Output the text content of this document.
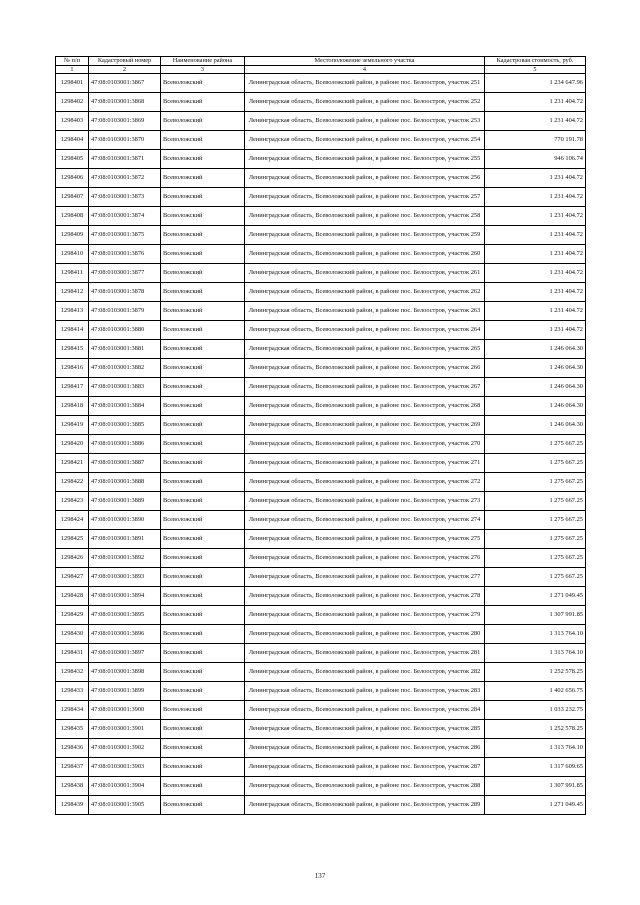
№ п/п	Кадастровый номер	Наименование района	Местоположение земельного участка	Кадастровая стоимость, руб.
1	2	3	4	5
1298401	47:08:0103001:3867	Всеволожский	Ленинградская область, Всеволожский район, в районе пос. Белоостров, участок 251	1 234 647.96
1298402	47:08:0103001:3868	Всеволожский	Ленинградская область, Всеволожский район, в районе пос. Белоостров, участок 252	1 231 404.72
1298403	47:08:0103001:3869	Всеволожский	Ленинградская область, Всеволожский район, в районе пос. Белоостров, участок 253	1 231 404.72
1298404	47:08:0103001:3870	Всеволожский	Ленинградская область, Всеволожский район, в районе пос. Белоостров, участок 254	770 191.78
1298405	47:08:0103001:3871	Всеволожский	Ленинградская область, Всеволожский район, в районе пос. Белоостров, участок 255	946 106.74
1298406	47:08:0103001:3872	Всеволожский	Ленинградская область, Всеволожский район, в районе пос. Белоостров, участок 256	1 231 404.72
1298407	47:08:0103001:3873	Всеволожский	Ленинградская область, Всеволожский район, в районе пос. Белоостров, участок 257	1 231 404.72
1298408	47:08:0103001:3874	Всеволожский	Ленинградская область, Всеволожский район, в районе пос. Белоостров, участок 258	1 231 404.72
1298409	47:08:0103001:3875	Всеволожский	Ленинградская область, Всеволожский район, в районе пос. Белоостров, участок 259	1 231 404.72
1298410	47:08:0103001:3876	Всеволожский	Ленинградская область, Всеволожский район, в районе пос. Белоостров, участок 260	1 231 404.72
1298411	47:08:0103001:3877	Всеволожский	Ленинградская область, Всеволожский район, в районе пос. Белоостров, участок 261	1 231 404.72
1298412	47:08:0103001:3878	Всеволожский	Ленинградская область, Всеволожский район, в районе пос. Белоостров, участок 262	1 231 404.72
1298413	47:08:0103001:3879	Всеволожский	Ленинградская область, Всеволожский район, в районе пос. Белоостров, участок 263	1 231 404.72
1298414	47:08:0103001:3880	Всеволожский	Ленинградская область, Всеволожский район, в районе пос. Белоостров, участок 264	1 231 404.72
1298415	47:08:0103001:3881	Всеволожский	Ленинградская область, Всеволожский район, в районе пос. Белоостров, участок 265	1 246 064.30
1298416	47:08:0103001:3882	Всеволожский	Ленинградская область, Всеволожский район, в районе пос. Белоостров, участок 266	1 246 064.30
1298417	47:08:0103001:3883	Всеволожский	Ленинградская область, Всеволожский район, в районе пос. Белоостров, участок 267	1 246 064.30
1298418	47:08:0103001:3884	Всеволожский	Ленинградская область, Всеволожский район, в районе пос. Белоостров, участок 268	1 246 064.30
1298419	47:08:0103001:3885	Всеволожский	Ленинградская область, Всеволожский район, в районе пос. Белоостров, участок 269	1 246 064.30
1298420	47:08:0103001:3886	Всеволожский	Ленинградская область, Всеволожский район, в районе пос. Белоостров, участок 270	1 275 667.25
1298421	47:08:0103001:3887	Всеволожский	Ленинградская область, Всеволожский район, в районе пос. Белоостров, участок 271	1 275 667.25
1298422	47:08:0103001:3888	Всеволожский	Ленинградская область, Всеволожский район, в районе пос. Белоостров, участок 272	1 275 667.25
1298423	47:08:0103001:3889	Всеволожский	Ленинградская область, Всеволожский район, в районе пос. Белоостров, участок 273	1 275 667.25
1298424	47:08:0103001:3890	Всеволожский	Ленинградская область, Всеволожский район, в районе пос. Белоостров, участок 274	1 275 667.25
1298425	47:08:0103001:3891	Всеволожский	Ленинградская область, Всеволожский район, в районе пос. Белоостров, участок 275	1 275 667.25
1298426	47:08:0103001:3892	Всеволожский	Ленинградская область, Всеволожский район, в районе пос. Белоостров, участок 276	1 275 667.25
1298427	47:08:0103001:3893	Всеволожский	Ленинградская область, Всеволожский район, в районе пос. Белоостров, участок 277	1 275 667.25
1298428	47:08:0103001:3894	Всеволожский	Ленинградская область, Всеволожский район, в районе пос. Белоостров, участок 278	1 271 049.45
1298429	47:08:0103001:3895	Всеволожский	Ленинградская область, Всеволожский район, в районе пос. Белоостров, участок 279	1 307 991.85
1298430	47:08:0103001:3896	Всеволожский	Ленинградская область, Всеволожский район, в районе пос. Белоостров, участок 280	1 313 764.10
1298431	47:08:0103001:3897	Всеволожский	Ленинградская область, Всеволожский район, в районе пос. Белоостров, участок 281	1 313 764.10
1298432	47:08:0103001:3898	Всеволожский	Ленинградская область, Всеволожский район, в районе пос. Белоостров, участок 282	1 252 578.25
1298433	47:08:0103001:3899	Всеволожский	Ленинградская область, Всеволожский район, в районе пос. Белоостров, участок 283	1 402 656.75
1298434	47:08:0103001:3900	Всеволожский	Ленинградская область, Всеволожский район, в районе пос. Белоостров, участок 284	1 033 232.75
1298435	47:08:0103001:3901	Всеволожский	Ленинградская область, Всеволожский район, в районе пос. Белоостров, участок 285	1 252 578.25
1298436	47:08:0103001:3902	Всеволожский	Ленинградская область, Всеволожский район, в районе пос. Белоостров, участок 286	1 313 764.10
1298437	47:08:0103001:3903	Всеволожский	Ленинградская область, Всеволожский район, в районе пос. Белоостров, участок 287	1 317 609.65
1298438	47:08:0103001:3904	Всеволожский	Ленинградская область, Всеволожский район, в районе пос. Белоостров, участок 288	1 307 991.85
1298439	47:08:0103001:3905	Всеволожский	Ленинградская область, Всеволожский район, в районе пос. Белоостров, участок 289	1 271 049.45
137
